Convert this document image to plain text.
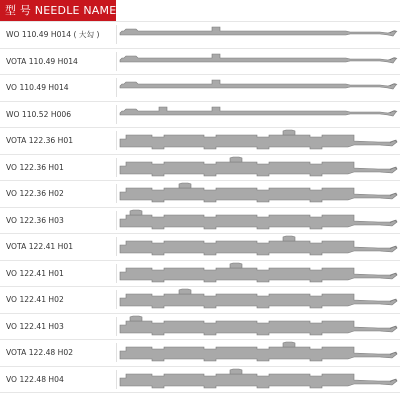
型 号 NEEDLE NAME
WO 110.49 H014 ( 大勾 )
VOTA 110.49 H014
VO 110.49 H014
WO 110.52 H006
VOTA 122.36 H01
VO 122.36 H01
VO 122.36 H02
VO 122.36 H03
VOTA 122.41 H01
VO 122.41 H01
VO 122.41 H02
VO 122.41 H03
VOTA 122.48 H02
VO 122.48 H04
